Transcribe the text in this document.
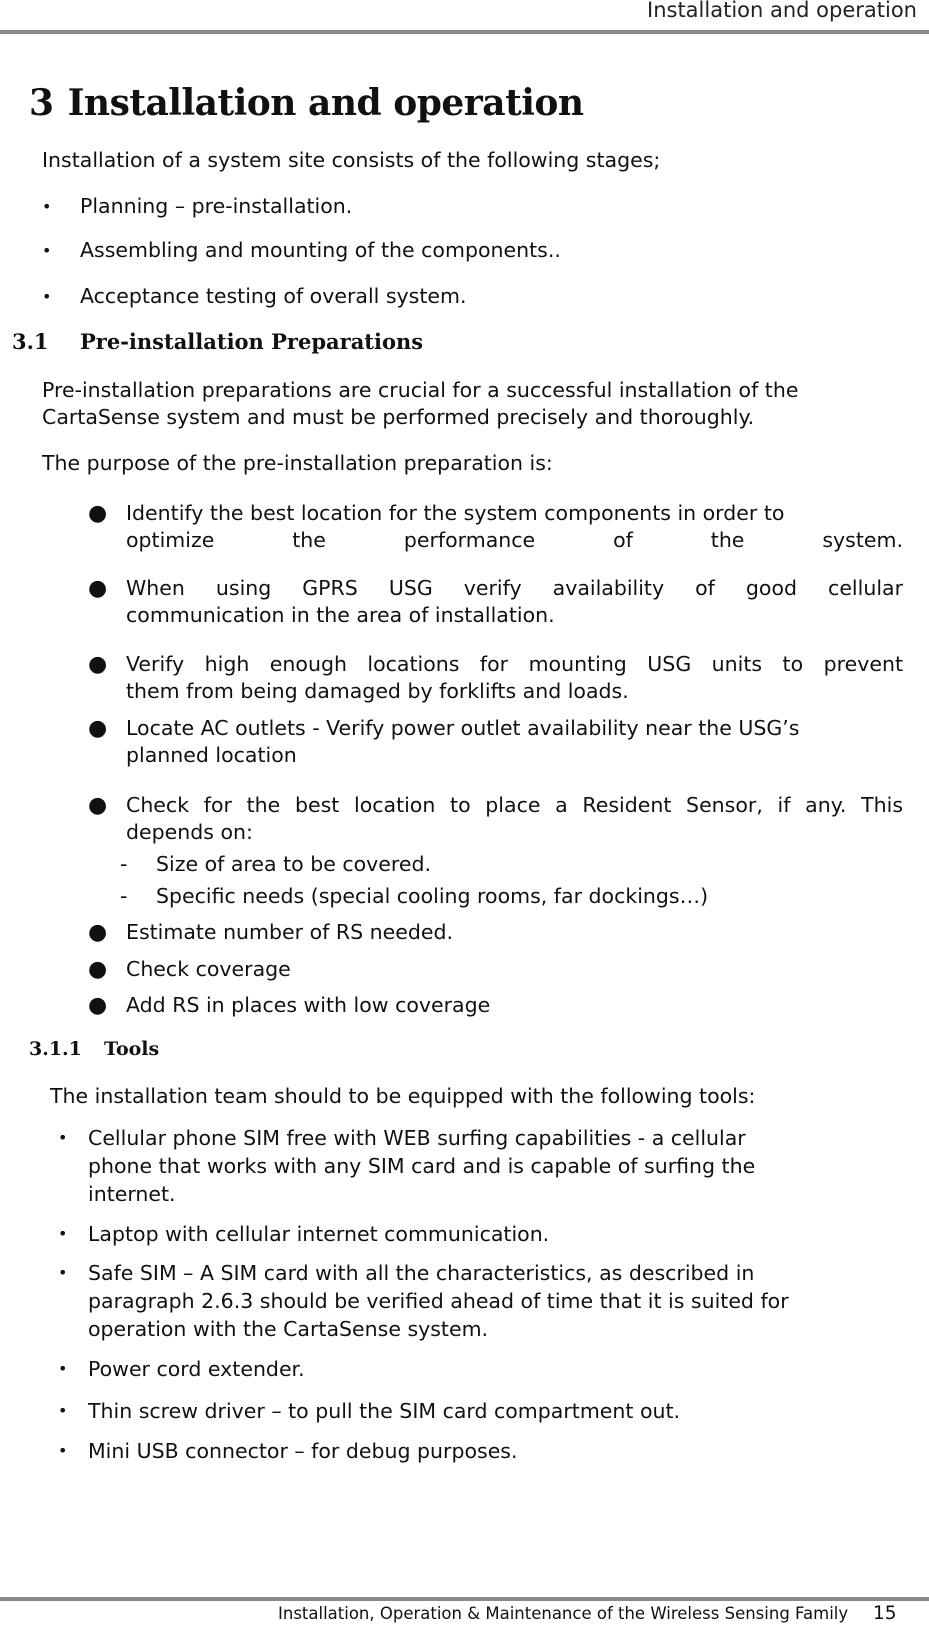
Installation and operation
3 Installation and operation
Installation of a system site consists of the following stages;
• Planning – pre-installation.
• Assembling and mounting of the components..
• Acceptance testing of overall system.
3.1 Pre-installation Preparations
Pre-installation preparations are crucial for a successful installation of the
CartaSense system and must be performed precisely and thoroughly.
The purpose of the pre-installation preparation is:
● Identify the best location for the system components in order to
optimize the performance of the system.
● When using GPRS USG verify availability of good cellular
communication in the area of installation.
● Verify high enough locations for mounting USG units to prevent
them from being damaged by forklifts and loads.
● Locate AC outlets - Verify power outlet availability near the USG’s
planned location
● Check for the best location to place a Resident Sensor, if any. This
depends on:
- Size of area to be covered.
- Specific needs (special cooling rooms, far dockings…)
● Estimate number of RS needed.
● Check coverage
● Add RS in places with low coverage
3.1.1 Tools
The installation team should to be equipped with the following tools:
• Cellular phone SIM free with WEB surfing capabilities - a cellular
phone that works with any SIM card and is capable of surfing the
internet.
• Laptop with cellular internet communication.
• Safe SIM – A SIM card with all the characteristics, as described in
paragraph 2.6.3 should be verified ahead of time that it is suited for
operation with the CartaSense system.
• Power cord extender.
• Thin screw driver – to pull the SIM card compartment out.
• Mini USB connector – for debug purposes.
Installation, Operation & Maintenance of the Wireless Sensing Family 15
